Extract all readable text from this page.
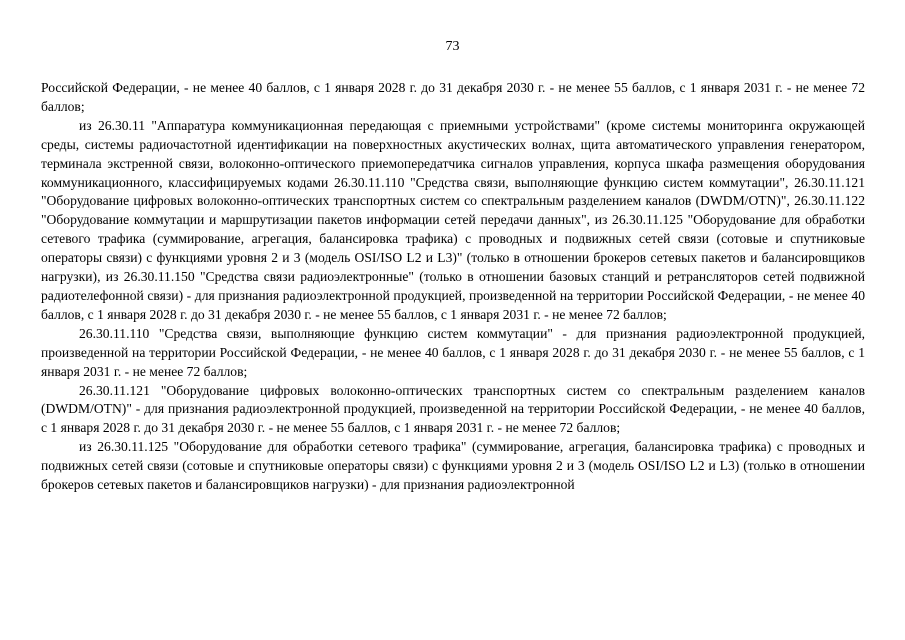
73

Российской Федерации, - не менее 40 баллов, с 1 января 2028 г. до 31 декабря 2030 г. - не менее 55 баллов, с 1 января 2031 г. - не менее 72 баллов;

из 26.30.11 "Аппаратура коммуникационная передающая с приемными устройствами" (кроме системы мониторинга окружающей среды, системы радиочастотной идентификации на поверхностных акустических волнах, щита автоматического управления генератором, терминала экстренной связи, волоконно-оптического приемопередатчика сигналов управления, корпуса шкафа размещения оборудования коммуникационного, классифицируемых кодами 26.30.11.110 "Средства связи, выполняющие функцию систем коммутации", 26.30.11.121 "Оборудование цифровых волоконно-оптических транспортных систем со спектральным разделением каналов (DWDM/OTN)", 26.30.11.122 "Оборудование коммутации и маршрутизации пакетов информации сетей передачи данных", из 26.30.11.125 "Оборудование для обработки сетевого трафика (суммирование, агрегация, балансировка трафика) с проводных и подвижных сетей связи (сотовые и спутниковые операторы связи) с функциями уровня 2 и 3 (модель OSI/ISO L2 и L3)" (только в отношении брокеров сетевых пакетов и балансировщиков нагрузки), из 26.30.11.150 "Средства связи радиоэлектронные" (только в отношении базовых станций и ретрансляторов сетей подвижной радиотелефонной связи) - для признания радиоэлектронной продукцией, произведенной на территории Российской Федерации, - не менее 40 баллов, с 1 января 2028 г. до 31 декабря 2030 г. - не менее 55 баллов, с 1 января 2031 г. - не менее 72 баллов;

26.30.11.110 "Средства связи, выполняющие функцию систем коммутации" - для признания радиоэлектронной продукцией, произведенной на территории Российской Федерации, - не менее 40 баллов, с 1 января 2028 г. до 31 декабря 2030 г. - не менее 55 баллов, с 1 января 2031 г. - не менее 72 баллов;

26.30.11.121 "Оборудование цифровых волоконно-оптических транспортных систем со спектральным разделением каналов (DWDM/OTN)" - для признания радиоэлектронной продукцией, произведенной на территории Российской Федерации, - не менее 40 баллов, с 1 января 2028 г. до 31 декабря 2030 г. - не менее 55 баллов, с 1 января 2031 г. - не менее 72 баллов;

из 26.30.11.125 "Оборудование для обработки сетевого трафика" (суммирование, агрегация, балансировка трафика) с проводных и подвижных сетей связи (сотовые и спутниковые операторы связи) с функциями уровня 2 и 3 (модель OSI/ISO L2 и L3) (только в отношении брокеров сетевых пакетов и балансировщиков нагрузки) - для признания радиоэлектронной
